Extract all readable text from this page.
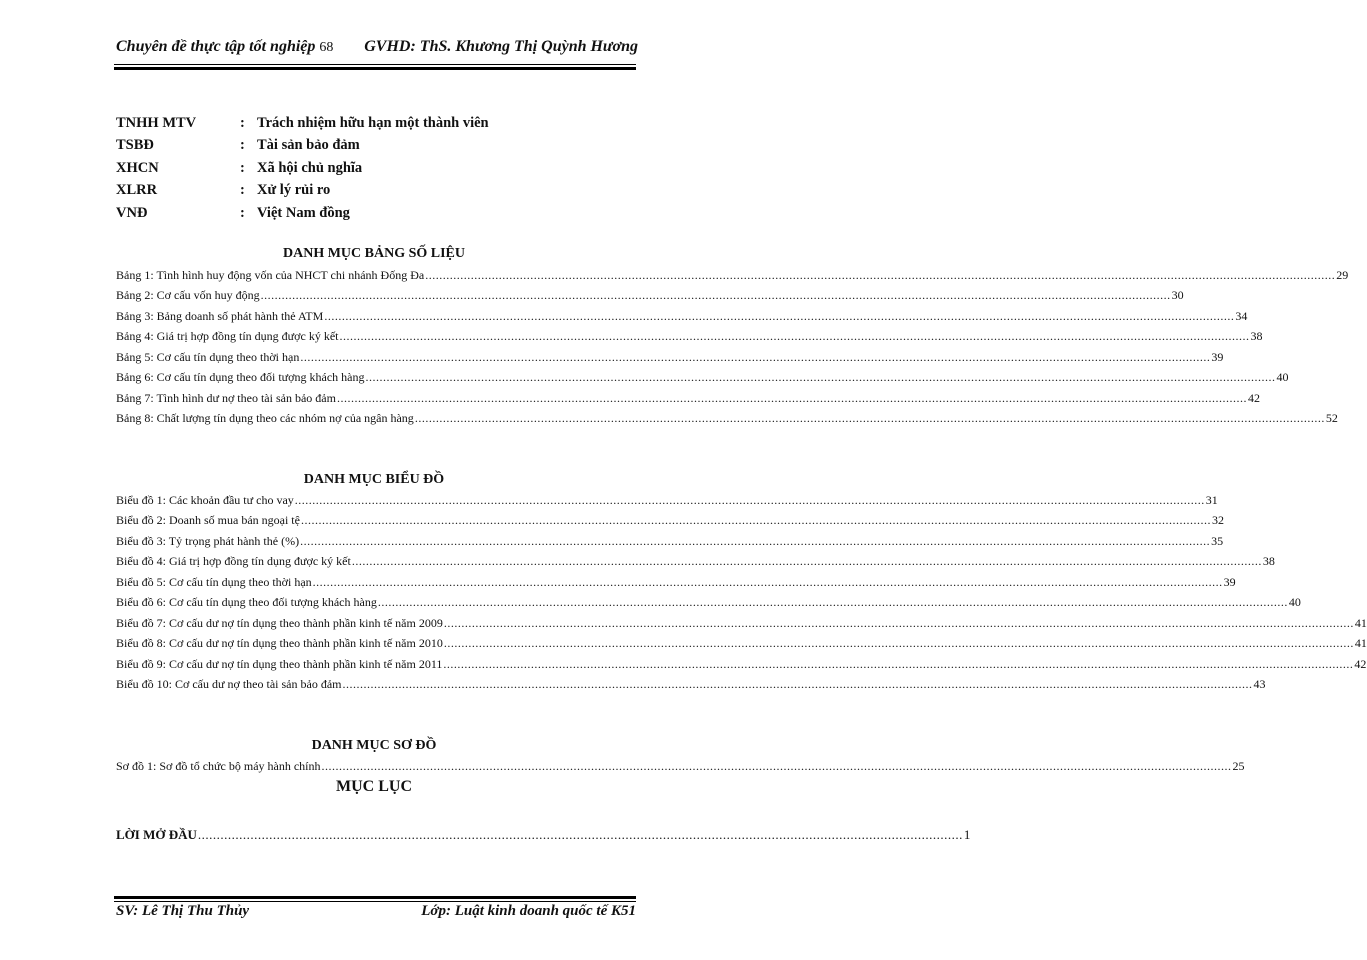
Chuyên đề thực tập tốt nghiệp 68 GVHD: ThS. Khương Thị Quỳnh Hương
TNHH MTV	: Trách nhiệm hữu hạn một thành viên
TSBĐ	: Tài sản bảo đảm
XHCN	: Xã hội chủ nghĩa
XLRR	: Xử lý rủi ro
VNĐ	: Việt Nam đồng
DANH MỤC BẢNG SỐ LIỆU
Bảng 1: Tình hình huy động vốn của NHCT chi nhánh Đống Đa .................................................................................................................................................................................................................................................................... 29
Bảng 2: Cơ cấu vốn huy động .................................................................................................................................................................................................................................................................... 30
Bảng 3: Bảng doanh số phát hành thẻ ATM .................................................................................................................................................................................................................................................................... 34
Bảng 4: Giá trị hợp đồng tín dụng được ký kết .................................................................................................................................................................................................................................................................... 38
Bảng 5: Cơ cấu tín dụng theo thời hạn .................................................................................................................................................................................................................................................................... 39
Bảng 6: Cơ cấu tín dụng theo đối tượng khách hàng .................................................................................................................................................................................................................................................................... 40
Bảng 7: Tình hình dư nợ theo tài sản bảo đảm .................................................................................................................................................................................................................................................................... 42
Bảng 8: Chất lượng tín dụng theo các nhóm nợ của ngân hàng .................................................................................................................................................................................................................................................................... 52
DANH MỤC BIỂU ĐỒ
Biểu đồ 1: Các khoản đầu tư cho vay .................................................................................................................................................................................................................................................................... 31
Biểu đồ 2: Doanh số mua bán ngoại tệ .................................................................................................................................................................................................................................................................... 32
Biểu đồ 3: Tỷ trọng phát hành thẻ (%) .................................................................................................................................................................................................................................................................... 35
Biểu đồ 4: Giá trị hợp đồng tín dụng được ký kết .................................................................................................................................................................................................................................................................... 38
Biểu đồ 5: Cơ cấu tín dụng theo thời hạn .................................................................................................................................................................................................................................................................... 39
Biểu đồ 6: Cơ cấu tín dụng theo đối tượng khách hàng .................................................................................................................................................................................................................................................................... 40
Biểu đồ 7: Cơ cấu dư nợ tín dụng theo thành phần kinh tế năm 2009 .................................................................................................................................................................................................................................................................... 41
Biểu đồ 8: Cơ cấu dư nợ tín dụng theo thành phần kinh tế năm 2010 .................................................................................................................................................................................................................................................................... 41
Biểu đồ 9: Cơ cấu dư nợ tín dụng theo thành phần kinh tế năm 2011 .................................................................................................................................................................................................................................................................... 42
Biểu đồ 10: Cơ cấu dư nợ theo tài sản bảo đảm .................................................................................................................................................................................................................................................................... 43
DANH MỤC SƠ ĐỒ
Sơ đồ 1: Sơ đồ tổ chức bộ máy hành chính .................................................................................................................................................................................................................................................................... 25
MỤC LỤC
LỜI MỞ ĐẦU ............................................................................................................................................................................................................ 1
SV: Lê Thị Thu Thủy	Lớp: Luật kinh doanh quốc tế K51
